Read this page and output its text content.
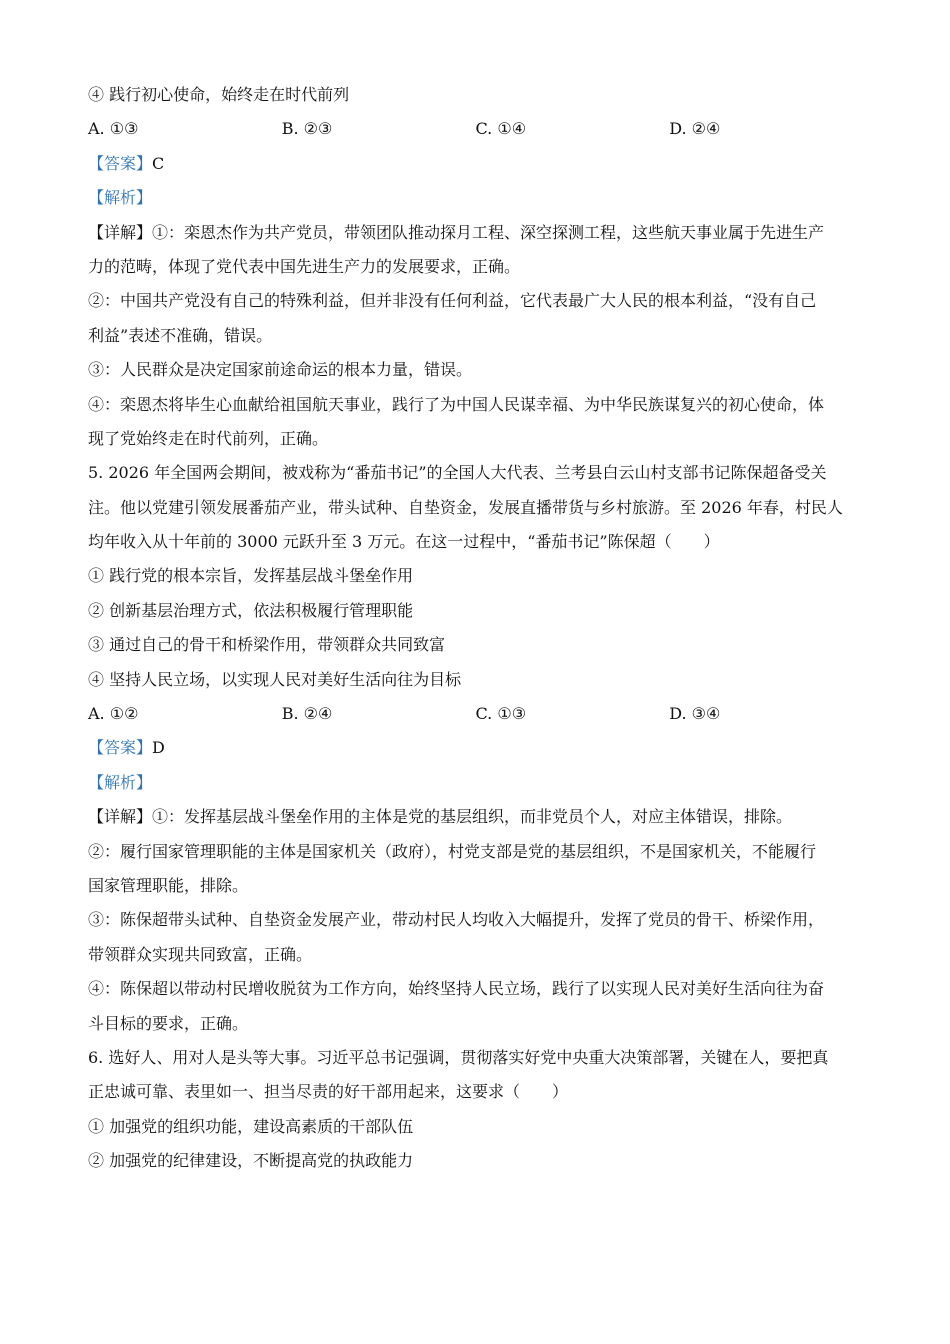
④ 践行初心使命，始终走在时代前列
A. ①③	B. ②③	C. ①④	D. ②④
【答案】C
【解析】
【详解】①：栾恩杰作为共产党员，带领团队推动探月工程、深空探测工程，这些航天事业属于先进生产
力的范畴，体现了党代表中国先进生产力的发展要求，正确。
②：中国共产党没有自己的特殊利益，但并非没有任何利益，它代表最广大人民的根本利益，“没有自己
利益”表述不准确，错误。
③：人民群众是决定国家前途命运的根本力量，错误。
④：栾恩杰将毕生心血献给祖国航天事业，践行了为中国人民谋幸福、为中华民族谋复兴的初心使命，体
现了党始终走在时代前列，正确。
5. 2026 年全国两会期间，被戏称为“番茄书记”的全国人大代表、兰考县白云山村支部书记陈保超备受关
注。他以党建引领发展番茄产业，带头试种、自垫资金，发展直播带货与乡村旅游。至 2026 年春，村民人
均年收入从十年前的 3000 元跃升至 3 万元。在这一过程中，“番茄书记”陈保超（　　）
① 践行党的根本宗旨，发挥基层战斗堡垒作用
② 创新基层治理方式，依法积极履行管理职能
③ 通过自己的骨干和桥梁作用，带领群众共同致富
④ 坚持人民立场，以实现人民对美好生活向往为目标
A. ①②	B. ②④	C. ①③	D. ③④
【答案】D
【解析】
【详解】①：发挥基层战斗堡垒作用的主体是党的基层组织，而非党员个人，对应主体错误，排除。
②：履行国家管理职能的主体是国家机关（政府），村党支部是党的基层组织，不是国家机关，不能履行
国家管理职能，排除。
③：陈保超带头试种、自垫资金发展产业，带动村民人均收入大幅提升，发挥了党员的骨干、桥梁作用，
带领群众实现共同致富，正确。
④：陈保超以带动村民增收脱贫为工作方向，始终坚持人民立场，践行了以实现人民对美好生活向往为奋
斗目标的要求，正确。
6. 选好人、用对人是头等大事。习近平总书记强调，贯彻落实好党中央重大决策部署，关键在人，要把真
正忠诚可靠、表里如一、担当尽责的好干部用起来，这要求（　　）
① 加强党的组织功能，建设高素质的干部队伍
② 加强党的纪律建设，不断提高党的执政能力
